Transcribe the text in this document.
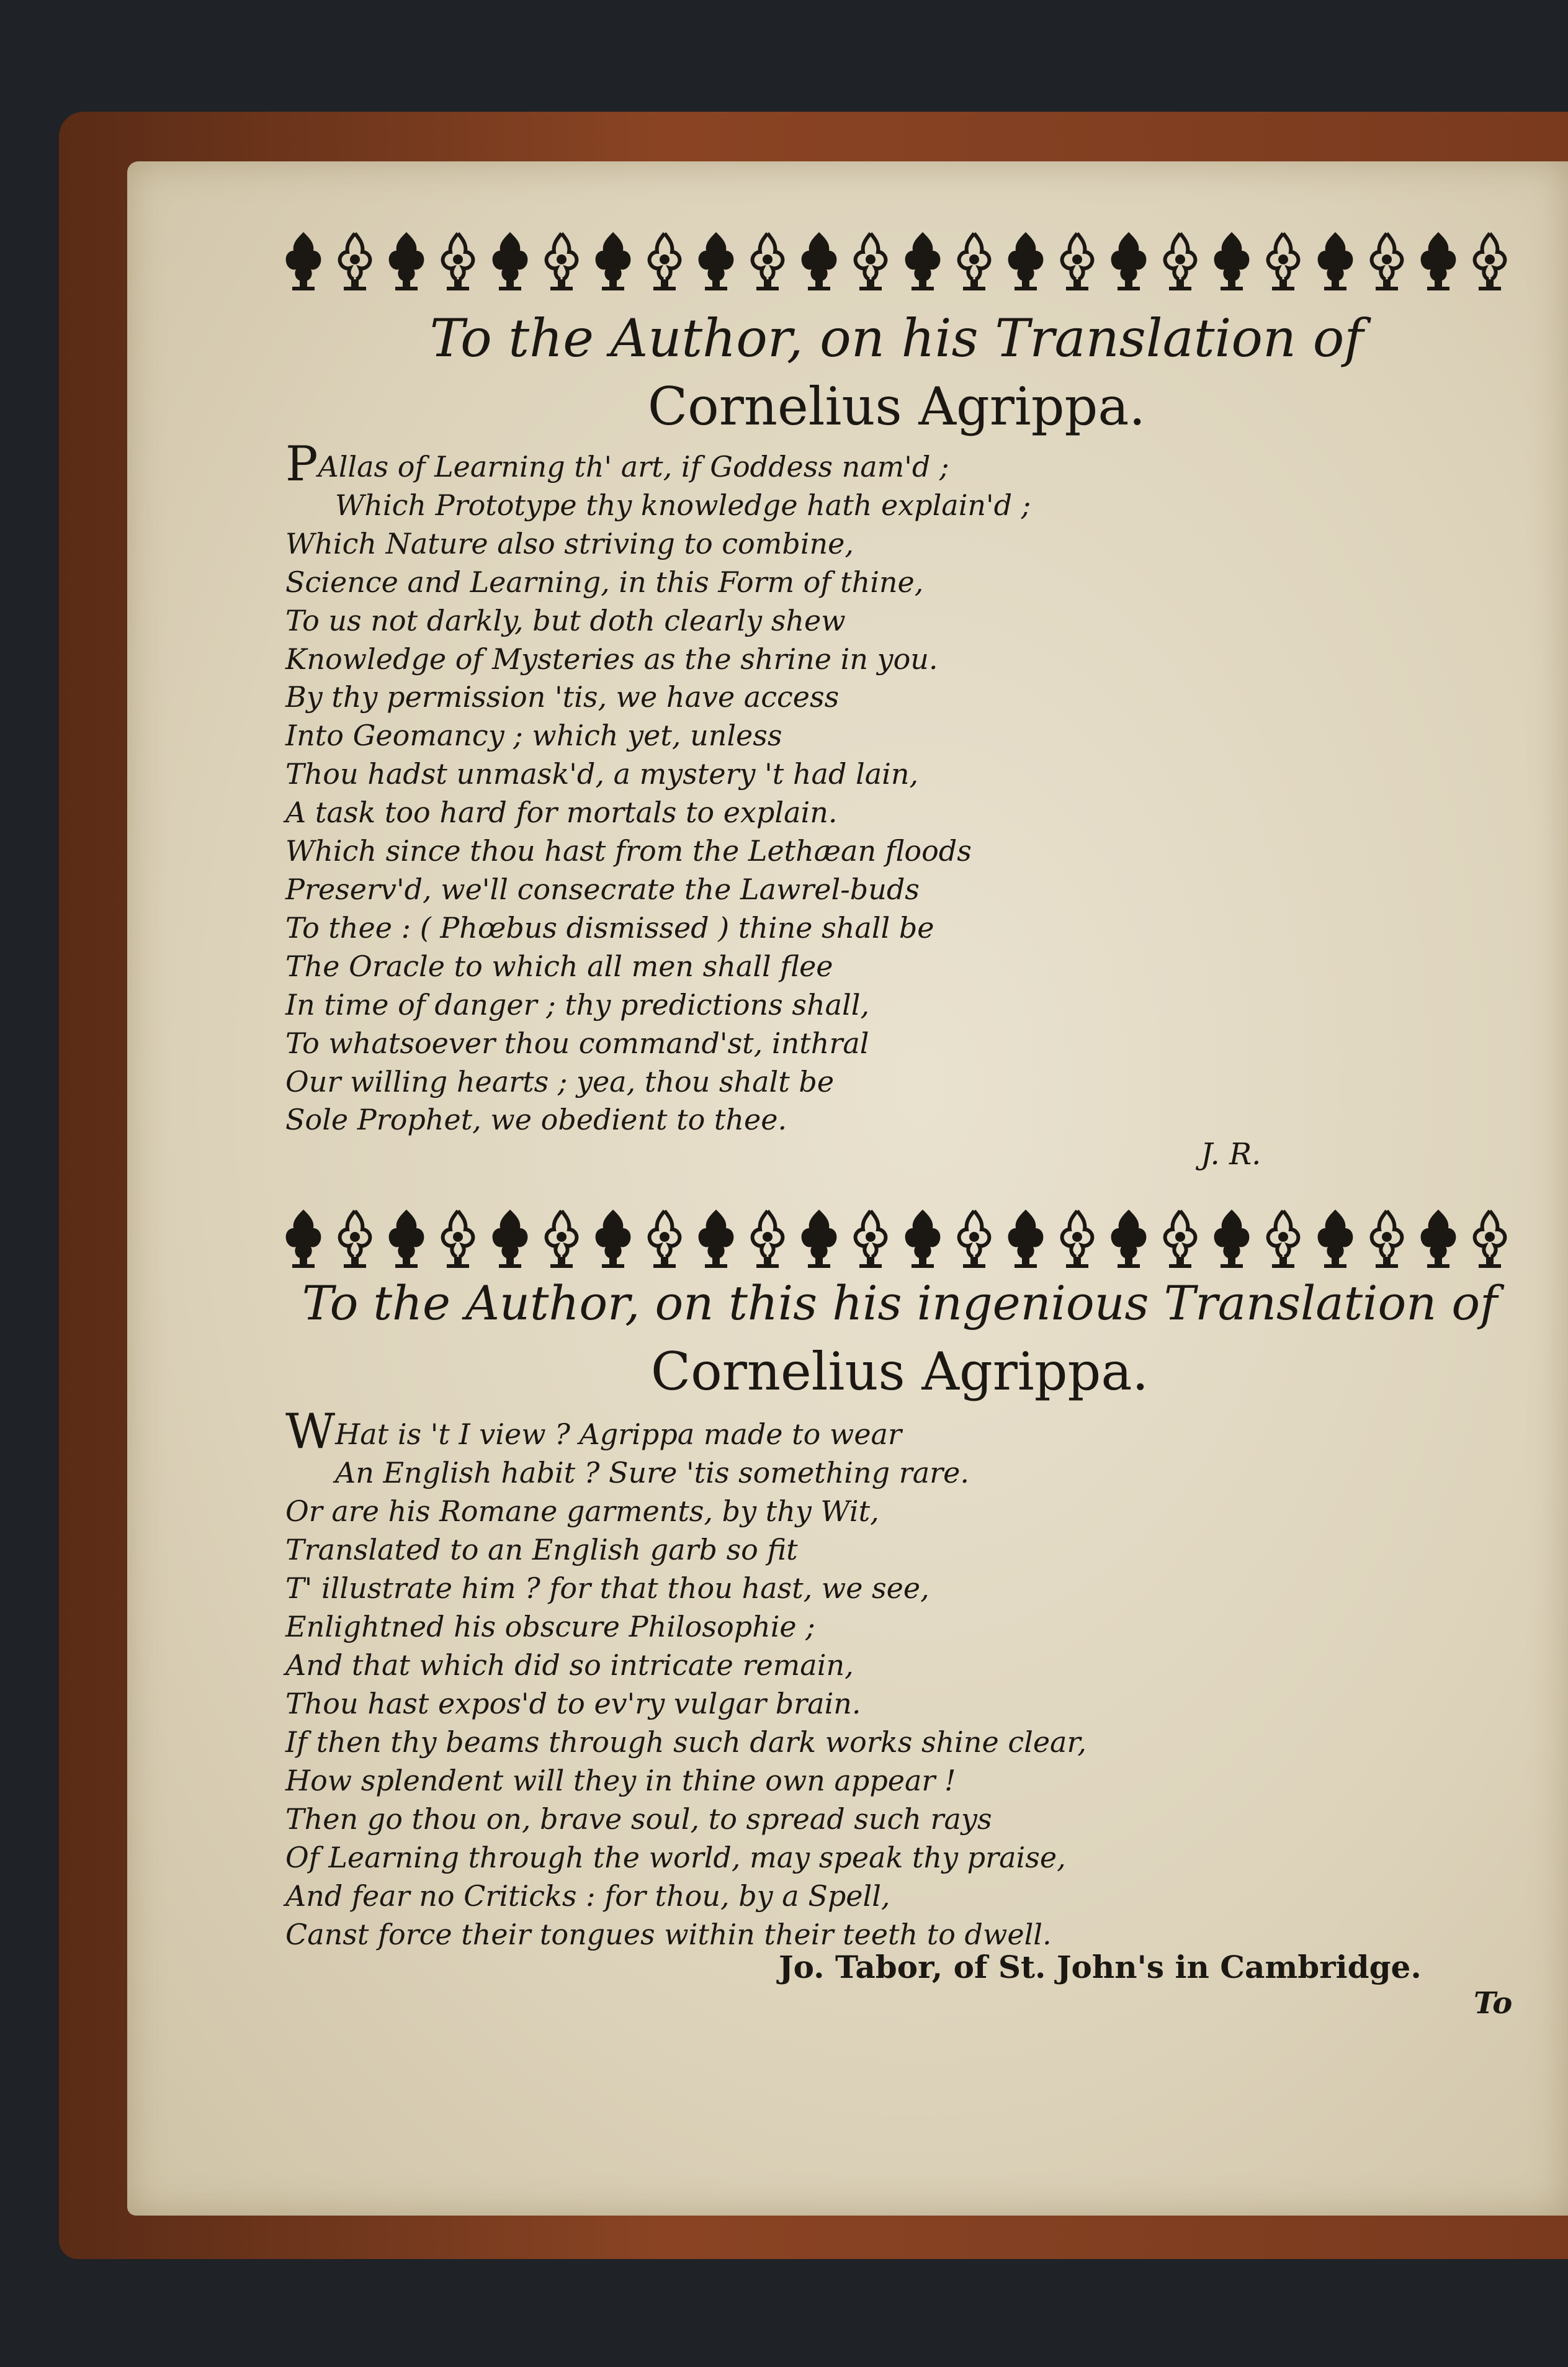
To the Author, on his Translation of
Cornelius Agrippa.
PAllas of Learning th' art, if Goddess nam'd ;
Which Prototype thy knowledge hath explain'd ;
Which Nature also striving to combine,
Science and Learning, in this Form of thine,
To us not darkly, but doth clearly shew
Knowledge of Mysteries as the shrine in you.
By thy permission 'tis, we have access
Into Geomancy ; which yet, unless
Thou hadst unmask'd, a mystery 't had lain,
A task too hard for mortals to explain.
Which since thou hast from the Lethæan floods
Preserv'd, we'll consecrate the Lawrel-buds
To thee : ( Phœbus dismissed ) thine shall be
The Oracle to which all men shall flee
In time of danger ; thy predictions shall,
To whatsoever thou command'st, inthral
Our willing hearts ; yea, thou shalt be
Sole Prophet, we obedient to thee.
J. R.
To the Author, on this his ingenious Translation of
Cornelius Agrippa.
WHat is 't I view ? Agrippa made to wear
An English habit ? Sure 'tis something rare.
Or are his Romane garments, by thy Wit,
Translated to an English garb so fit
T' illustrate him ? for that thou hast, we see,
Enlightned his obscure Philosophie ;
And that which did so intricate remain,
Thou hast expos'd to ev'ry vulgar brain.
If then thy beams through such dark works shine clear,
How splendent will they in thine own appear !
Then go thou on, brave soul, to spread such rays
Of Learning through the world, may speak thy praise,
And fear no Criticks : for thou, by a Spell,
Canst force their tongues within their teeth to dwell.
Jo. Tabor, of St. John's in Cambridge.
To
